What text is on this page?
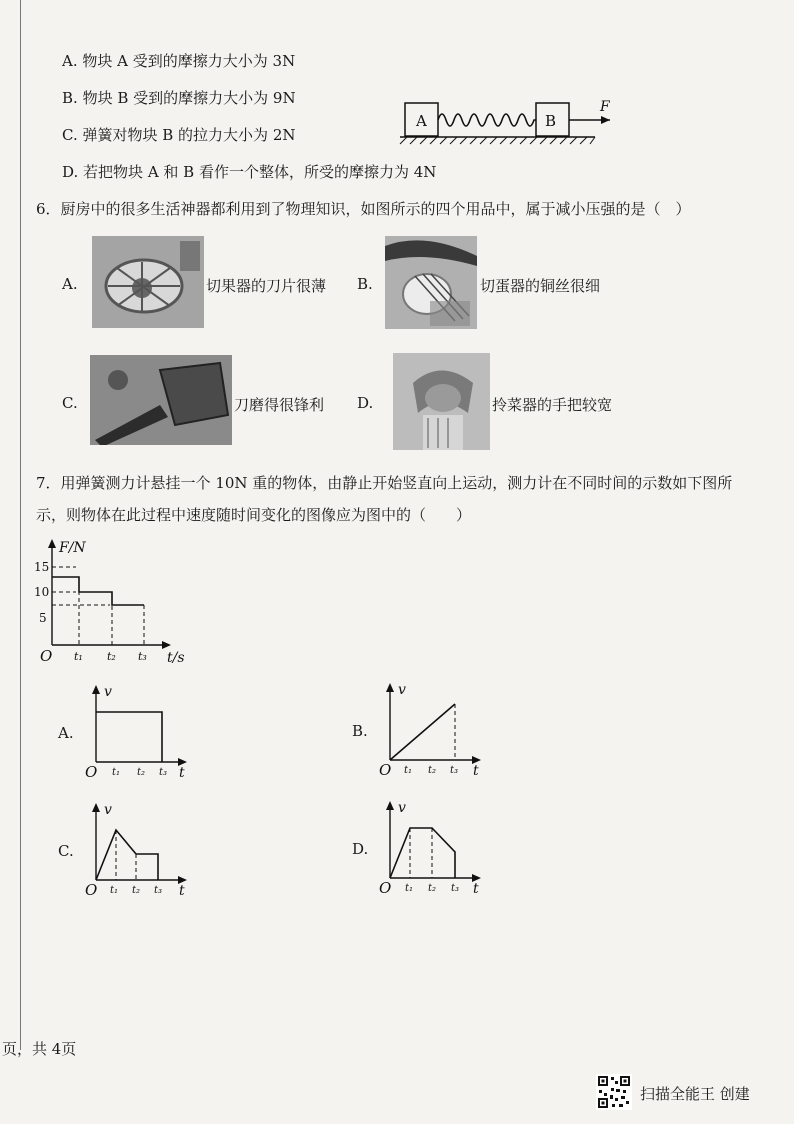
A. 物块 A 受到的摩擦力大小为 3N
B. 物块 B 受到的摩擦力大小为 9N
C. 弹簧对物块 B 的拉力大小为 2N
D. 若把物块 A 和 B 看作一个整体，所受的摩擦力为 4N
A	B
F
6．厨房中的很多生活神器都利用到了物理知识，如图所示的四个用品中，属于减小压强的是（　）
A.	切果器的刀片很薄 B.	切蛋器的铜丝很细
C.	刀磨得很锋利 D.	拎菜器的手把较宽
7．用弹簧测力计悬挂一个 10N 重的物体，由静止开始竖直向上运动，测力计在不同时间的示数如下图所
示，则物体在此过程中速度随时间变化的图像应为图中的（　　）
F/N
t/s
O
15
10
5
t₁ t₂ t₃
A.
v
t
O t₁ t₂ t₃
B.
v
t
O t₁ t₂ t₃
C.
v
t
O t₁ t₂ t₃
D.
v
t
O t₁ t₂ t₃
页，共 4页
扫描全能王 创建
